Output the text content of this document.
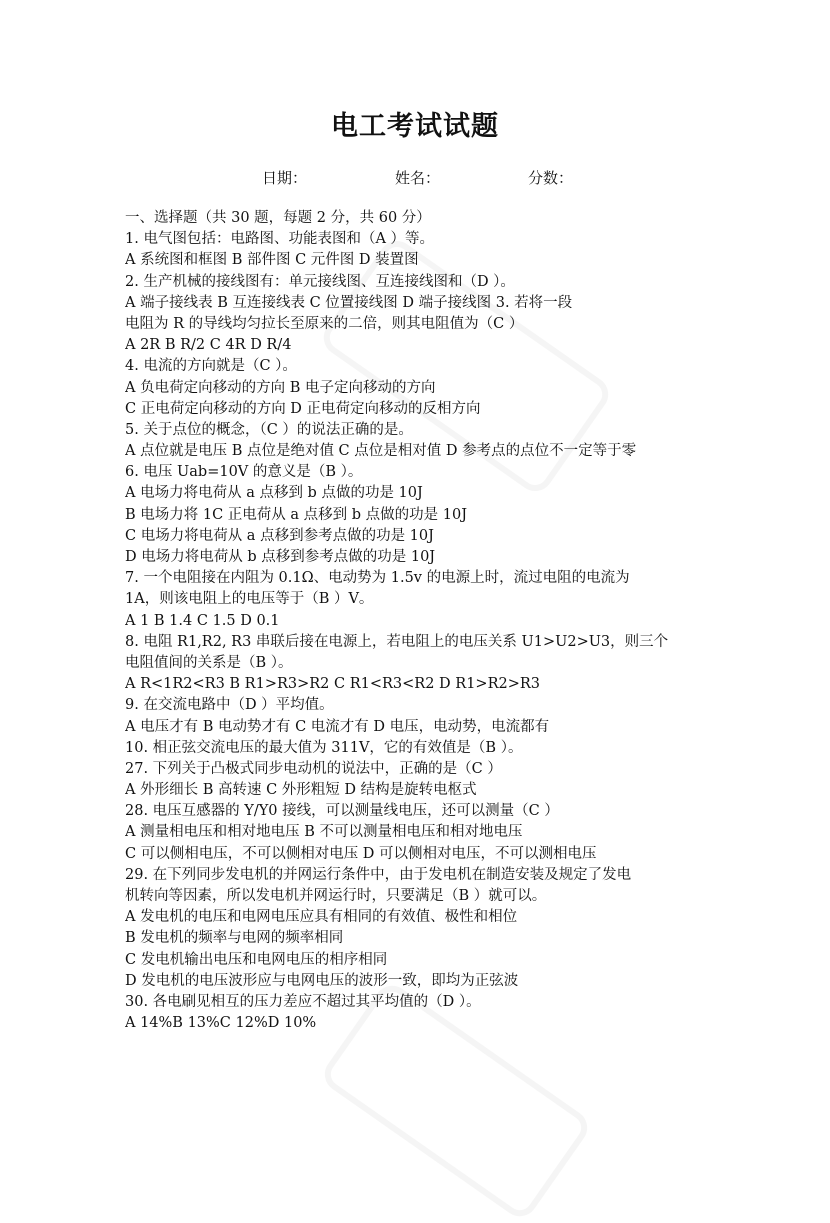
电工考试试题
日期：	姓名：	分数：
一、选择题（共 30 题，每题 2 分，共 60 分）
1. 电气图包括：电路图、功能表图和（A ）等。
A 系统图和框图 B 部件图 C 元件图 D 装置图
2. 生产机械的接线图有：单元接线图、互连接线图和（D ）。
A 端子接线表 B 互连接线表 C 位置接线图 D 端子接线图 3. 若将一段
电阻为 R 的导线均匀拉长至原来的二倍，则其电阻值为（C ）
A 2R B R/2 C 4R D R/4
4. 电流的方向就是（C ）。
A 负电荷定向移动的方向 B 电子定向移动的方向
C 正电荷定向移动的方向 D 正电荷定向移动的反相方向
5. 关于点位的概念，（C ）的说法正确的是。
A 点位就是电压 B 点位是绝对值 C 点位是相对值 D 参考点的点位不一定等于零
6. 电压 Uab=10V 的意义是（B ）。
A 电场力将电荷从 a 点移到 b 点做的功是 10J
B 电场力将 1C 正电荷从 a 点移到 b 点做的功是 10J
C 电场力将电荷从 a 点移到参考点做的功是 10J
D 电场力将电荷从 b 点移到参考点做的功是 10J
7. 一个电阻接在内阻为 0.1Ω、电动势为 1.5v 的电源上时，流过电阻的电流为
1A，则该电阻上的电压等于（B ）V。
A 1 B 1.4 C 1.5 D 0.1
8. 电阻 R1,R2, R3 串联后接在电源上，若电阻上的电压关系 U1>U2>U3，则三个
电阻值间的关系是（B ）。
A R<1R2<R3 B R1>R3>R2 C R1<R3<R2 D R1>R2>R3
9. 在交流电路中（D ）平均值。
A 电压才有 B 电动势才有 C 电流才有 D 电压，电动势，电流都有
10. 相正弦交流电压的最大值为 311V，它的有效值是（B ）。
27. 下列关于凸极式同步电动机的说法中，正确的是（C ）
A 外形细长 B 高转速 C 外形粗短 D 结构是旋转电枢式
28. 电压互感器的 Y/Y0 接线，可以测量线电压，还可以测量（C ）
A 测量相电压和相对地电压 B 不可以测量相电压和相对地电压
C 可以侧相电压，不可以侧相对电压 D 可以侧相对电压，不可以测相电压
29. 在下列同步发电机的并网运行条件中，由于发电机在制造安装及规定了发电
机转向等因素，所以发电机并网运行时，只要满足（B ）就可以。
A 发电机的电压和电网电压应具有相同的有效值、极性和相位
B 发电机的频率与电网的频率相同
C 发电机输出电压和电网电压的相序相同
D 发电机的电压波形应与电网电压的波形一致，即均为正弦波
30. 各电刷见相互的压力差应不超过其平均值的（D ）。
A 14%B 13%C 12%D 10%
